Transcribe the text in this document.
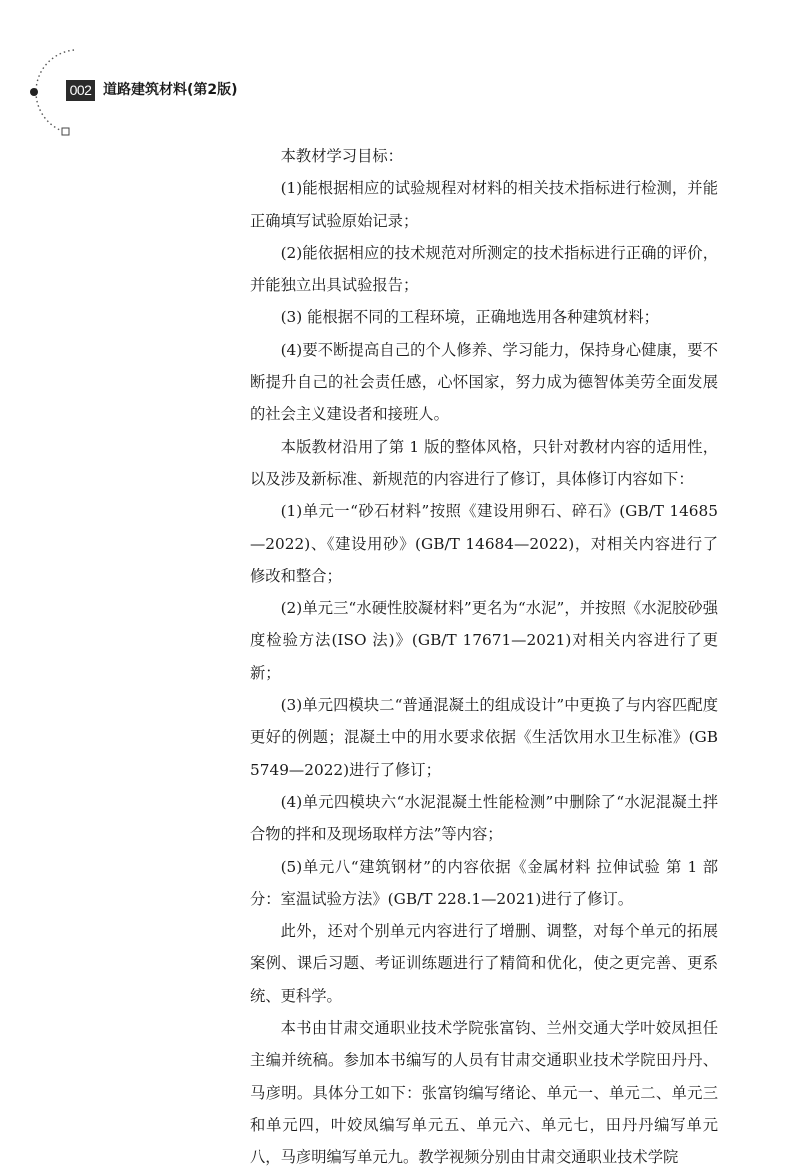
002 道路建筑材料(第2版)

本教材学习目标：

(1)能根据相应的试验规程对材料的相关技术指标进行检测，并能正确填写试验原始记录；

(2)能依据相应的技术规范对所测定的技术指标进行正确的评价，并能独立出具试验报告；

(3) 能根据不同的工程环境，正确地选用各种建筑材料；

(4)要不断提高自己的个人修养、学习能力，保持身心健康，要不断提升自己的社会责任感，心怀国家，努力成为德智体美劳全面发展的社会主义建设者和接班人。

本版教材沿用了第 1 版的整体风格，只针对教材内容的适用性，以及涉及新标准、新规范的内容进行了修订，具体修订内容如下：

(1)单元一“砂石材料”按照《建设用卵石、碎石》(GB/T 14685—2022)、《建设用砂》(GB/T 14684—2022)，对相关内容进行了修改和整合；

(2)单元三“水硬性胶凝材料”更名为“水泥”，并按照《水泥胶砂强度检验方法(ISO 法)》(GB/T 17671—2021)对相关内容进行了更新；

(3)单元四模块二“普通混凝土的组成设计”中更换了与内容匹配度更好的例题；混凝土中的用水要求依据《生活饮用水卫生标准》(GB 5749—2022)进行了修订；

(4)单元四模块六“水泥混凝土性能检测”中删除了“水泥混凝土拌合物的拌和及现场取样方法”等内容；

(5)单元八“建筑钢材”的内容依据《金属材料 拉伸试验 第 1 部分：室温试验方法》(GB/T 228.1—2021)进行了修订。

此外，还对个别单元内容进行了增删、调整，对每个单元的拓展案例、课后习题、考证训练题进行了精简和优化，使之更完善、更系统、更科学。

本书由甘肃交通职业技术学院张富钧、兰州交通大学叶姣凤担任主编并统稿。参加本书编写的人员有甘肃交通职业技术学院田丹丹、马彦明。具体分工如下：张富钧编写绪论、单元一、单元二、单元三和单元四，叶姣凤编写单元五、单元六、单元七，田丹丹编写单元八，马彦明编写单元九。教学视频分别由甘肃交通职业技术学院
